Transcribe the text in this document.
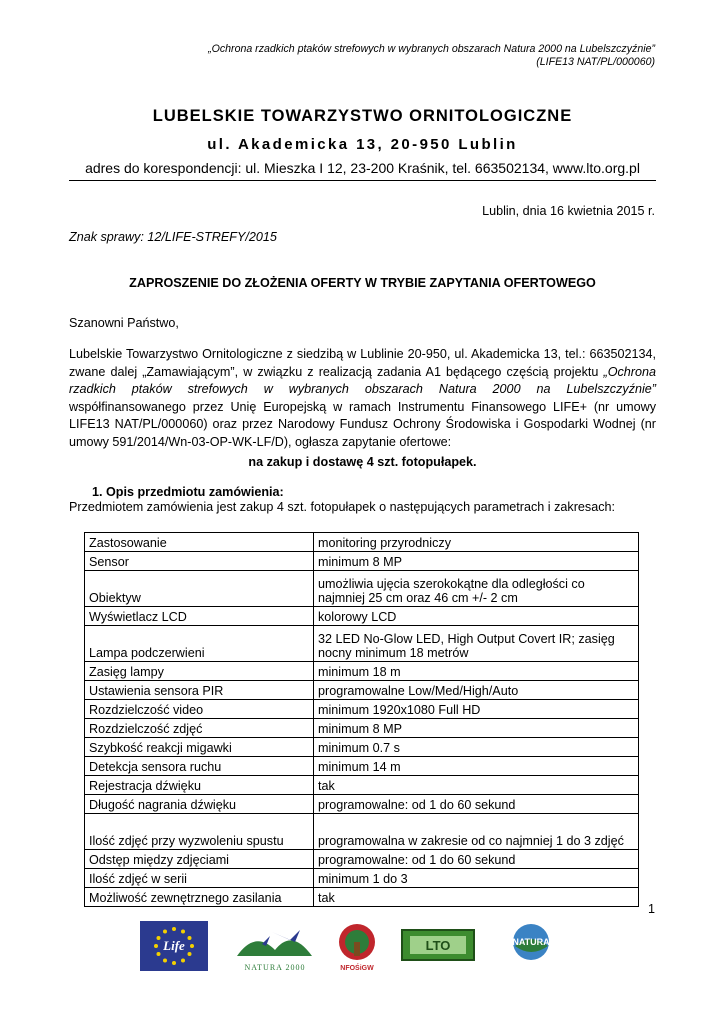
„Ochrona rzadkich ptaków strefowych w wybranych obszarach Natura 2000 na Lubelszczyźnie”
(LIFE13 NAT/PL/000060)
LUBELSKIE TOWARZYSTWO ORNITOLOGICZNE
ul. Akademicka 13, 20-950 Lublin
adres do korespondencji: ul. Mieszka I 12, 23-200 Kraśnik, tel. 663502134, www.lto.org.pl
Lublin, dnia 16 kwietnia 2015 r.
Znak sprawy: 12/LIFE-STREFY/2015
ZAPROSZENIE DO ZŁOŻENIA OFERTY W TRYBIE ZAPYTANIA OFERTOWEGO
Szanowni Państwo,
Lubelskie Towarzystwo Ornitologiczne z siedzibą w Lublinie 20-950, ul. Akademicka 13, tel.: 663502134, zwane dalej „Zamawiającym”, w związku z realizacją zadania A1 będącego częścią projektu „Ochrona rzadkich ptaków strefowych w wybranych obszarach Natura 2000 na Lubelszczyźnie” współfinansowanego przez Unię Europejską w ramach Instrumentu Finansowego LIFE+ (nr umowy LIFE13 NAT/PL/000060) oraz przez Narodowy Fundusz Ochrony Środowiska i Gospodarki Wodnej (nr umowy 591/2014/Wn-03-OP-WK-LF/D), ogłasza zapytanie ofertowe:
na zakup i dostawę 4 szt. fotopułapek.
1. Opis przedmiotu zamówienia:
Przedmiotem zamówienia jest zakup 4 szt. fotopułapek o następujących parametrach i zakresach:
Zastosowanie	monitoring przyrodniczy
Sensor	minimum 8 MP
Obiektyw	umożliwia ujęcia szerokokątne dla odległości co najmniej 25 cm oraz 46 cm +/- 2 cm
Wyświetlacz LCD	kolorowy LCD
Lampa podczerwieni	32 LED No-Glow LED, High Output Covert IR; zasięg nocny minimum 18 metrów
Zasięg lampy	minimum 18 m
Ustawienia sensora PIR	programowalne Low/Med/High/Auto
Rozdzielczość video	minimum 1920x1080 Full HD
Rozdzielczość zdjęć	minimum 8 MP
Szybkość reakcji migawki	minimum 0.7 s
Detekcja sensora ruchu	minimum 14 m
Rejestracja dźwięku	tak
Długość nagrania dźwięku	programowalne: od 1 do 60 sekund
Ilość zdjęć przy wyzwoleniu spustu	programowalna w zakresie od co najmniej 1 do 3 zdjęć
Odstęp między zdjęciami	programowalne: od 1 do 60 sekund
Ilość zdjęć w serii	minimum 1 do 3
Możliwość zewnętrznego zasilania	tak
1
Life
NATURA 2000	NFOŚiGW
LTO	NATURA
